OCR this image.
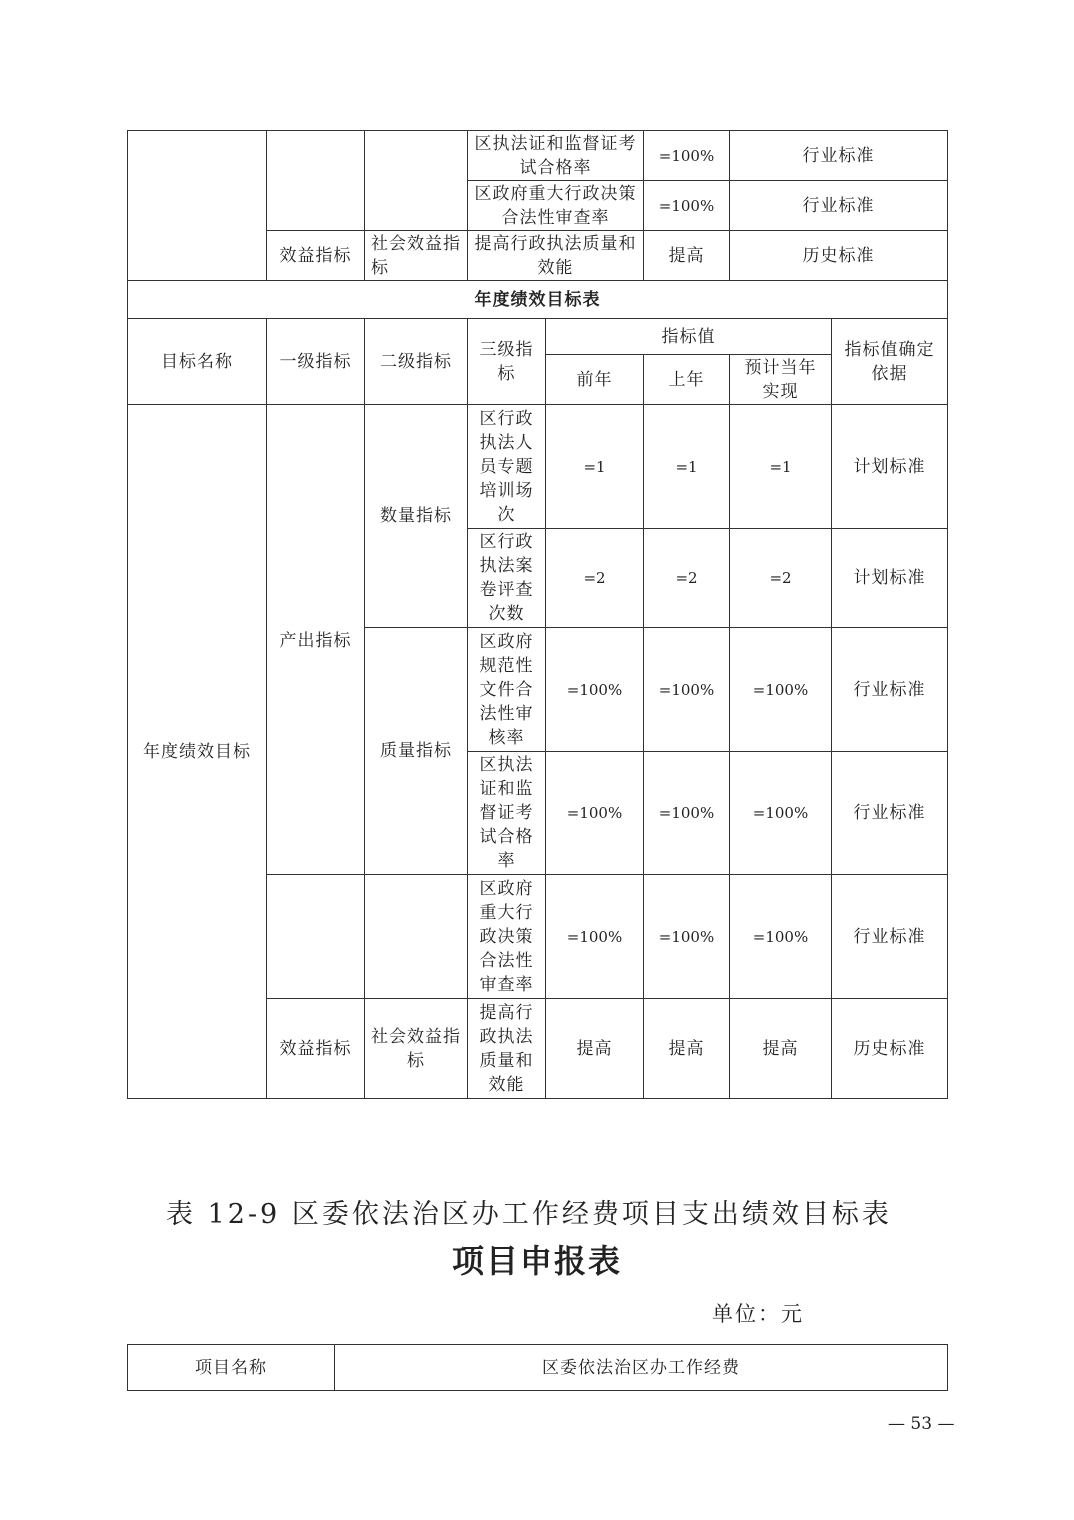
			区执法证和监督证考试合格率	=100%	行业标准
			区政府重大行政决策合法性审查率	=100%	行业标准
	效益指标	社会效益指标	提高行政执法质量和效能	提高	历史标准
年度绩效目标表					
目标名称	一级指标	二级指标	三级指标	指标值			指标值确定依据
				前年	上年	预计当年实现	
年度绩效目标	产出指标	数量指标	区行政执法人员专题培训场次	=1	=1	=1	计划标准
			区行政执法案卷评查次数	=2	=2	=2	计划标准
		质量指标	区政府规范性文件合法性审核率	=100%	=100%	=100%	行业标准
			区执法证和监督证考试合格率	=100%	=100%	=100%	行业标准
			区政府重大行政决策合法性审查率	=100%	=100%	=100%	行业标准
	效益指标	社会效益指标	提高行政执法质量和效能	提高	提高	提高	历史标准
表 12-9 区委依法治区办工作经费项目支出绩效目标表
项目申报表
单位：元
项目名称	区委依法治区办工作经费
— 53 —
